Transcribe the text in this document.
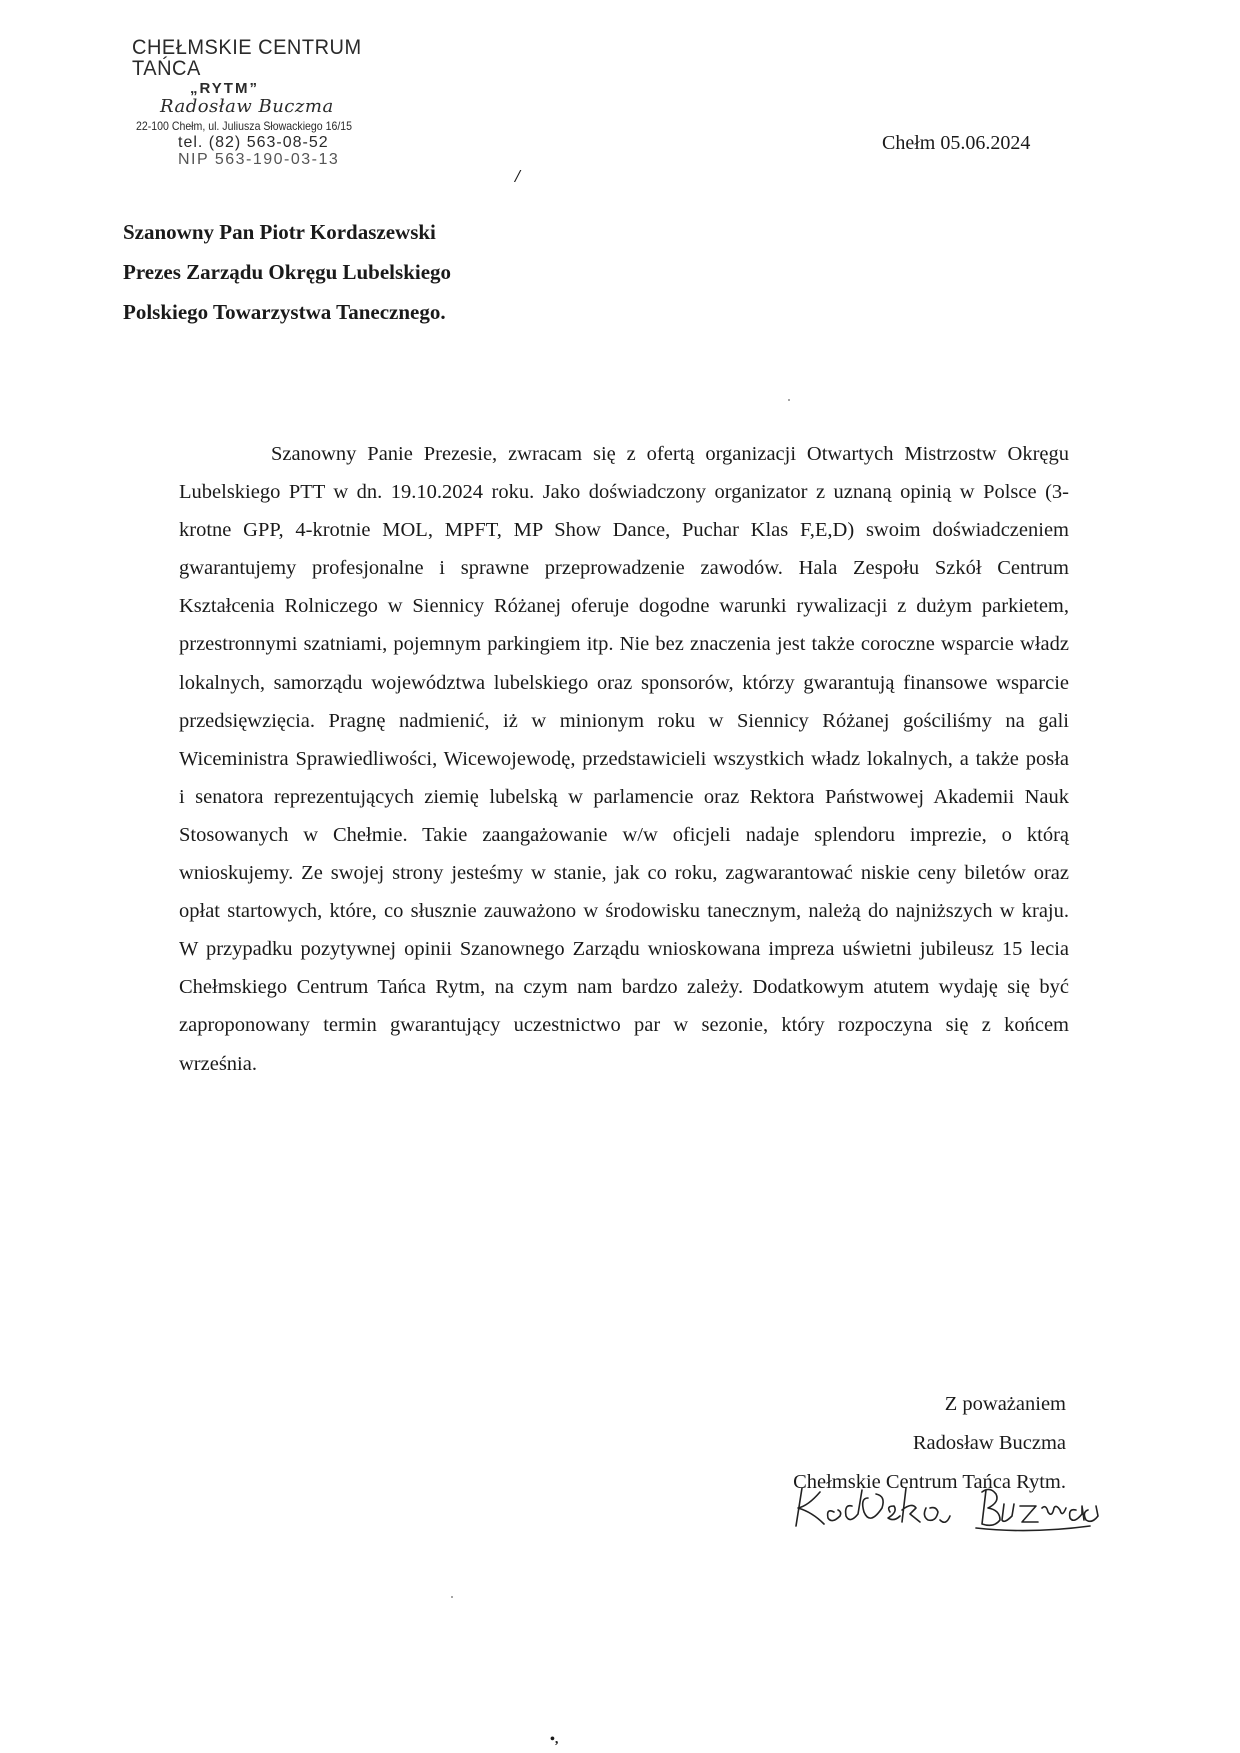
CHEŁMSKIE CENTRUM TAŃCA
„RYTM”
Radosław Buczma
22-100 Chełm, ul. Juliusza Słowackiego 16/15
tel. (82) 563-08-52
NIP 563-190-03-13
/
Chełm 05.06.2024
Szanowny Pan Piotr Kordaszewski
Prezes Zarządu Okręgu Lubelskiego
Polskiego Towarzystwa Tanecznego.

Szanowny Panie Prezesie, zwracam się z ofertą organizacji Otwartych Mistrzostw Okręgu Lubelskiego PTT w dn. 19.10.2024 roku. Jako doświadczony organizator z uznaną opinią w Polsce (3-krotne GPP, 4-krotnie MOL, MPFT, MP Show Dance, Puchar Klas F,E,D) swoim doświadczeniem gwarantujemy profesjonalne i sprawne przeprowadzenie zawodów. Hala Zespołu Szkół Centrum Kształcenia Rolniczego w Siennicy Różanej oferuje dogodne warunki rywalizacji z dużym parkietem, przestronnymi szatniami, pojemnym parkingiem itp. Nie bez znaczenia jest także coroczne wsparcie władz lokalnych, samorządu województwa lubelskiego oraz sponsorów, którzy gwarantują finansowe wsparcie przedsięwzięcia. Pragnę nadmienić, iż w minionym roku w Siennicy Różanej gościliśmy na gali Wiceministra Sprawiedliwości, Wicewojewodę, przedstawicieli wszystkich władz lokalnych, a także posła i senatora reprezentujących ziemię lubelską w parlamencie oraz Rektora Państwowej Akademii Nauk Stosowanych w Chełmie. Takie zaangażowanie w/w oficjeli nadaje splendoru imprezie, o którą wnioskujemy. Ze swojej strony jesteśmy w stanie, jak co roku, zagwarantować niskie ceny biletów oraz opłat startowych, które, co słusznie zauważono w środowisku tanecznym, należą do najniższych w kraju. W przypadku pozytywnej opinii Szanownego Zarządu wnioskowana impreza uświetni jubileusz 15 lecia Chełmskiego Centrum Tańca Rytm, na czym nam bardzo zależy. Dodatkowym atutem wydaję się być zaproponowany termin gwarantujący uczestnictwo par w sezonie, który rozpoczyna się z końcem września.

Z poważaniem
Radosław Buczma
Chełmskie Centrum Tańca Rytm.
•,
